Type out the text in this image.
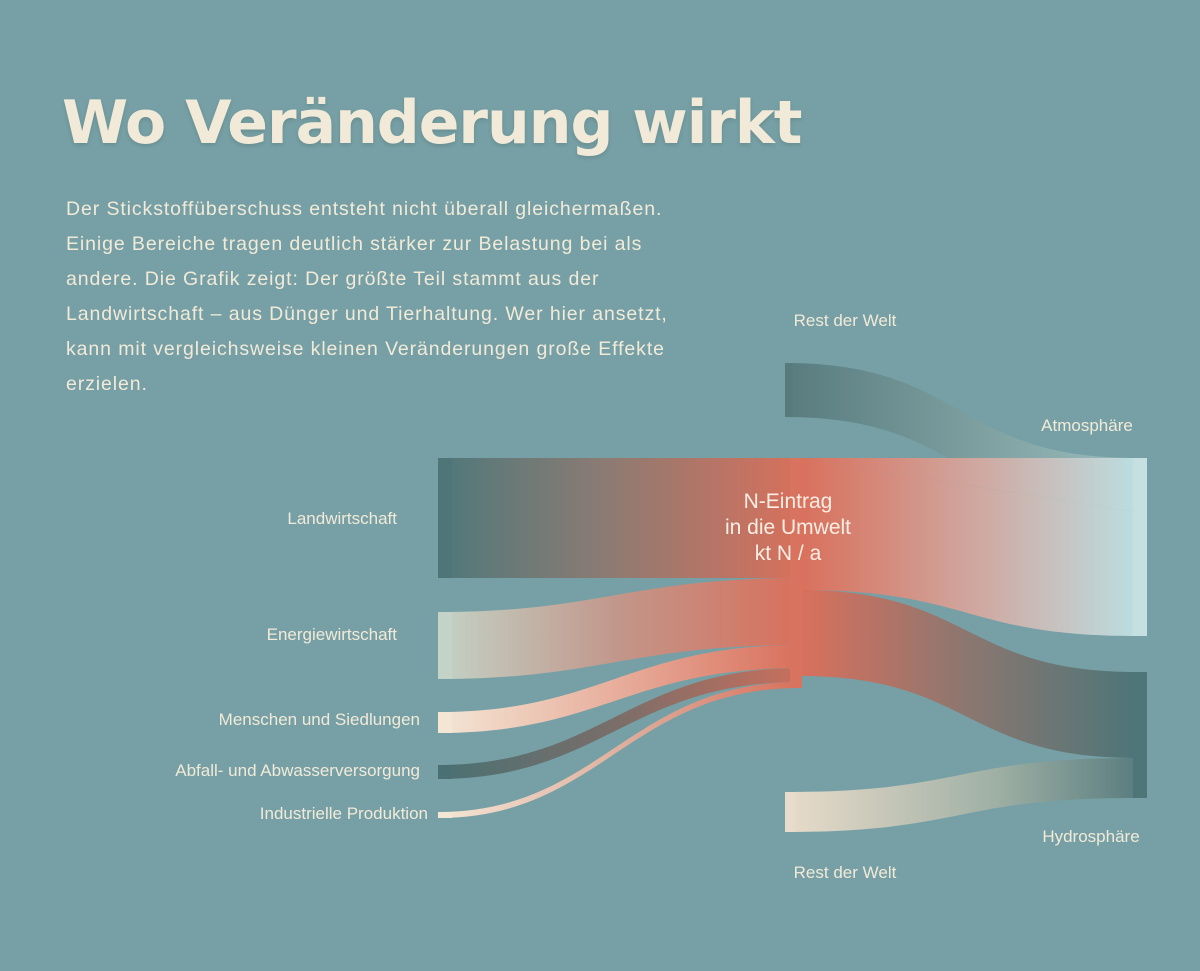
Wo Veränderung wirkt

Der Stickstoffüberschuss entsteht nicht überall gleichermaßen. Einige Bereiche tragen deutlich stärker zur Belastung bei als andere. Die Grafik zeigt: Der größte Teil stammt aus der Landwirtschaft – aus Dünger und Tierhaltung. Wer hier ansetzt, kann mit vergleichsweise kleinen Veränderungen große Effekte erzielen.

N-Eintrag
in die Umwelt
kt N / a
Landwirtschaft
Energiewirtschaft
Menschen und Siedlungen
Abfall- und Abwasserversorgung
Industrielle Produktion
Rest der Welt
Rest der Welt
Atmosphäre
Hydrosphäre
